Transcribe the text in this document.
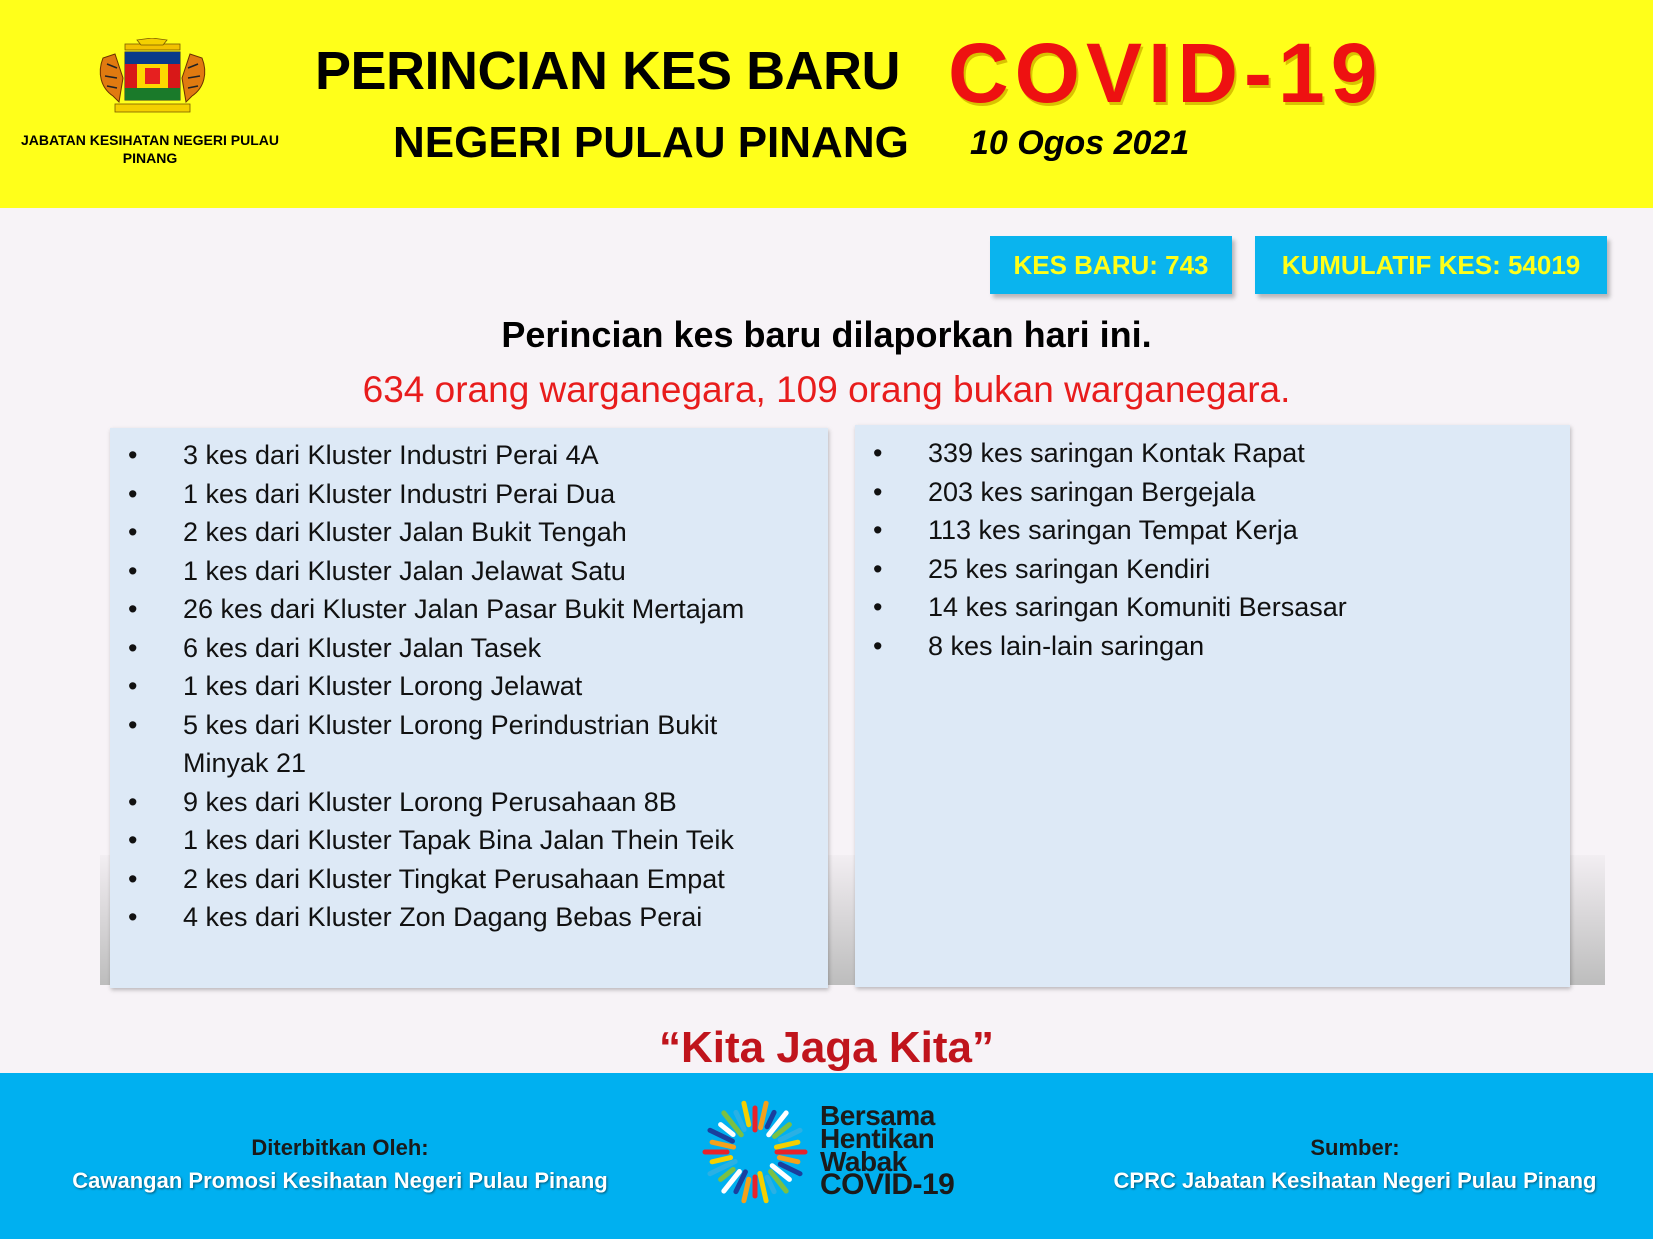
JABATAN KESIHATAN NEGERI PULAU PINANG
PERINCIAN KES BARU COVID-19
NEGERI PULAU PINANG 10 Ogos 2021
KES BARU: 743	KUMULATIF KES: 54019
Perincian kes baru dilaporkan hari ini.
634 orang warganegara, 109 orang bukan warganegara.
• 3 kes dari Kluster Industri Perai 4A
• 1 kes dari Kluster Industri Perai Dua
• 2 kes dari Kluster Jalan Bukit Tengah
• 1 kes dari Kluster Jalan Jelawat Satu
• 26 kes dari Kluster Jalan Pasar Bukit Mertajam
• 6 kes dari Kluster Jalan Tasek
• 1 kes dari Kluster Lorong Jelawat
• 5 kes dari Kluster Lorong Perindustrian Bukit Minyak 21
• 9 kes dari Kluster Lorong Perusahaan 8B
• 1 kes dari Kluster Tapak Bina Jalan Thein Teik
• 2 kes dari Kluster Tingkat Perusahaan Empat
• 4 kes dari Kluster Zon Dagang Bebas Perai
• 339 kes saringan Kontak Rapat
• 203 kes saringan Bergejala
• 113 kes saringan Tempat Kerja
• 25 kes saringan Kendiri
• 14 kes saringan Komuniti Bersasar
• 8 kes lain-lain saringan
“Kita Jaga Kita”
Diterbitkan Oleh:
Cawangan Promosi Kesihatan Negeri Pulau Pinang
Sumber:
CPRC Jabatan Kesihatan Negeri Pulau Pinang
Bersama
Hentikan
Wabak
COVID-19
